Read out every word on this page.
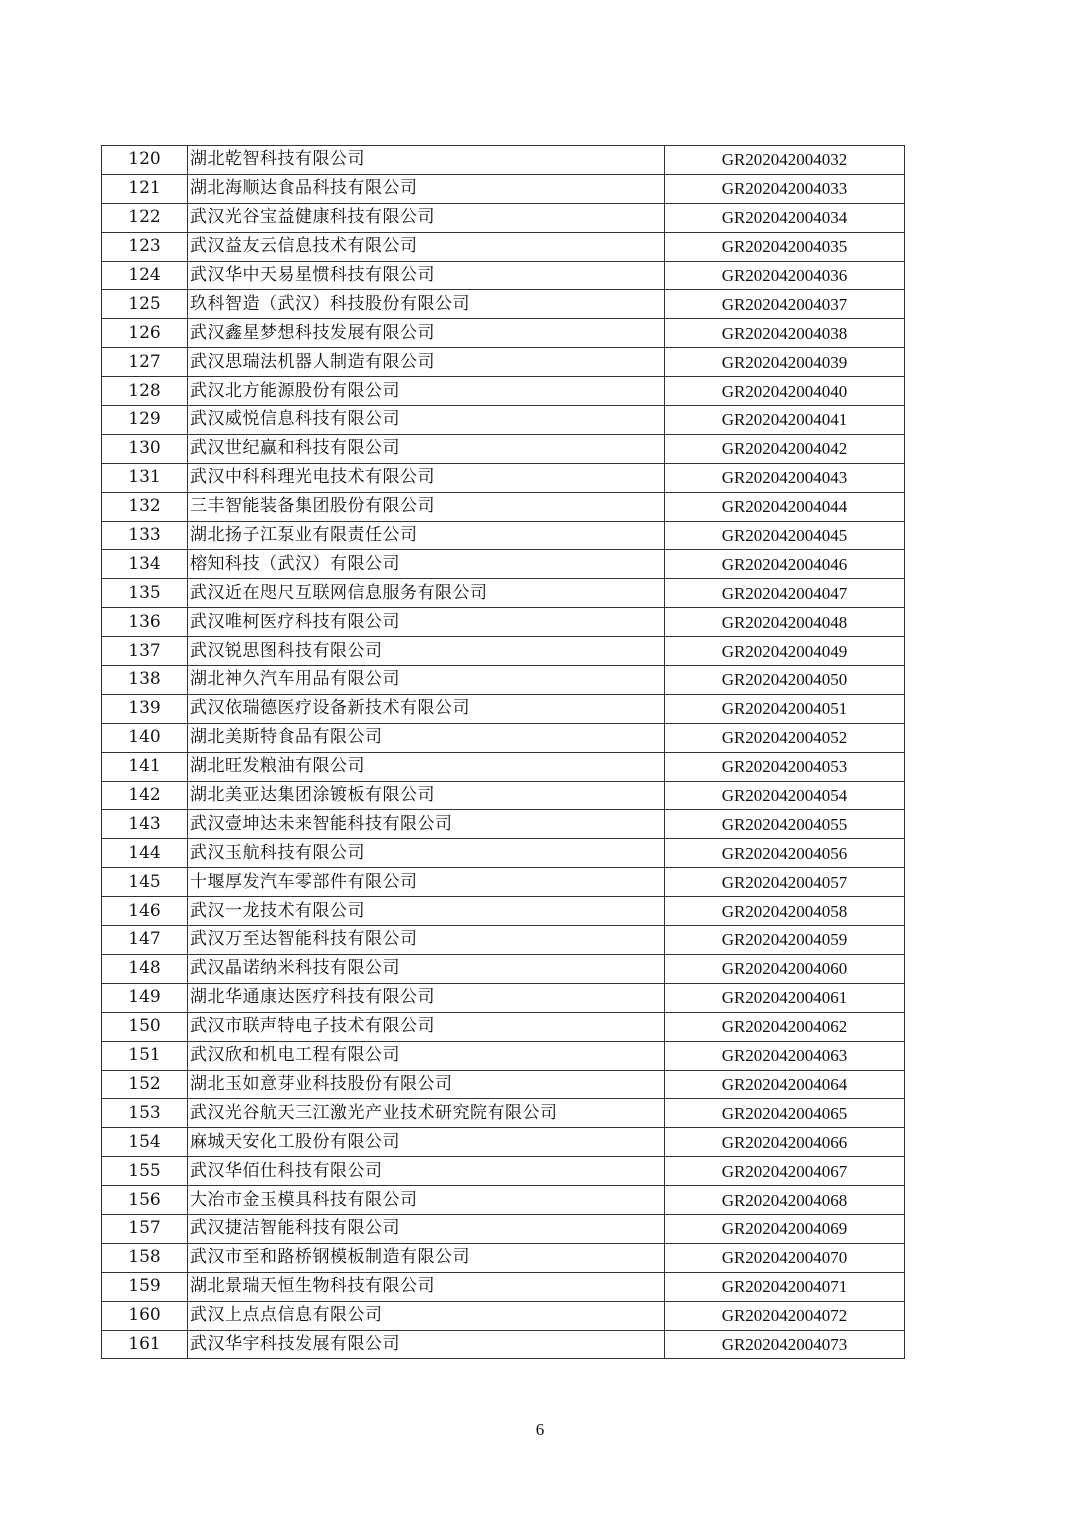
120	湖北乾智科技有限公司	GR202042004032
121	湖北海顺达食品科技有限公司	GR202042004033
122	武汉光谷宝益健康科技有限公司	GR202042004034
123	武汉益友云信息技术有限公司	GR202042004035
124	武汉华中天易星惯科技有限公司	GR202042004036
125	玖科智造（武汉）科技股份有限公司	GR202042004037
126	武汉鑫星梦想科技发展有限公司	GR202042004038
127	武汉思瑞法机器人制造有限公司	GR202042004039
128	武汉北方能源股份有限公司	GR202042004040
129	武汉威悦信息科技有限公司	GR202042004041
130	武汉世纪赢和科技有限公司	GR202042004042
131	武汉中科科理光电技术有限公司	GR202042004043
132	三丰智能装备集团股份有限公司	GR202042004044
133	湖北扬子江泵业有限责任公司	GR202042004045
134	榕知科技（武汉）有限公司	GR202042004046
135	武汉近在咫尺互联网信息服务有限公司	GR202042004047
136	武汉唯柯医疗科技有限公司	GR202042004048
137	武汉锐思图科技有限公司	GR202042004049
138	湖北神久汽车用品有限公司	GR202042004050
139	武汉依瑞德医疗设备新技术有限公司	GR202042004051
140	湖北美斯特食品有限公司	GR202042004052
141	湖北旺发粮油有限公司	GR202042004053
142	湖北美亚达集团涂镀板有限公司	GR202042004054
143	武汉壹坤达未来智能科技有限公司	GR202042004055
144	武汉玉航科技有限公司	GR202042004056
145	十堰厚发汽车零部件有限公司	GR202042004057
146	武汉一龙技术有限公司	GR202042004058
147	武汉万至达智能科技有限公司	GR202042004059
148	武汉晶诺纳米科技有限公司	GR202042004060
149	湖北华通康达医疗科技有限公司	GR202042004061
150	武汉市联声特电子技术有限公司	GR202042004062
151	武汉欣和机电工程有限公司	GR202042004063
152	湖北玉如意芽业科技股份有限公司	GR202042004064
153	武汉光谷航天三江激光产业技术研究院有限公司	GR202042004065
154	麻城天安化工股份有限公司	GR202042004066
155	武汉华佰仕科技有限公司	GR202042004067
156	大冶市金玉模具科技有限公司	GR202042004068
157	武汉捷洁智能科技有限公司	GR202042004069
158	武汉市至和路桥钢模板制造有限公司	GR202042004070
159	湖北景瑞天恒生物科技有限公司	GR202042004071
160	武汉上点点信息有限公司	GR202042004072
161	武汉华宇科技发展有限公司	GR202042004073
6
